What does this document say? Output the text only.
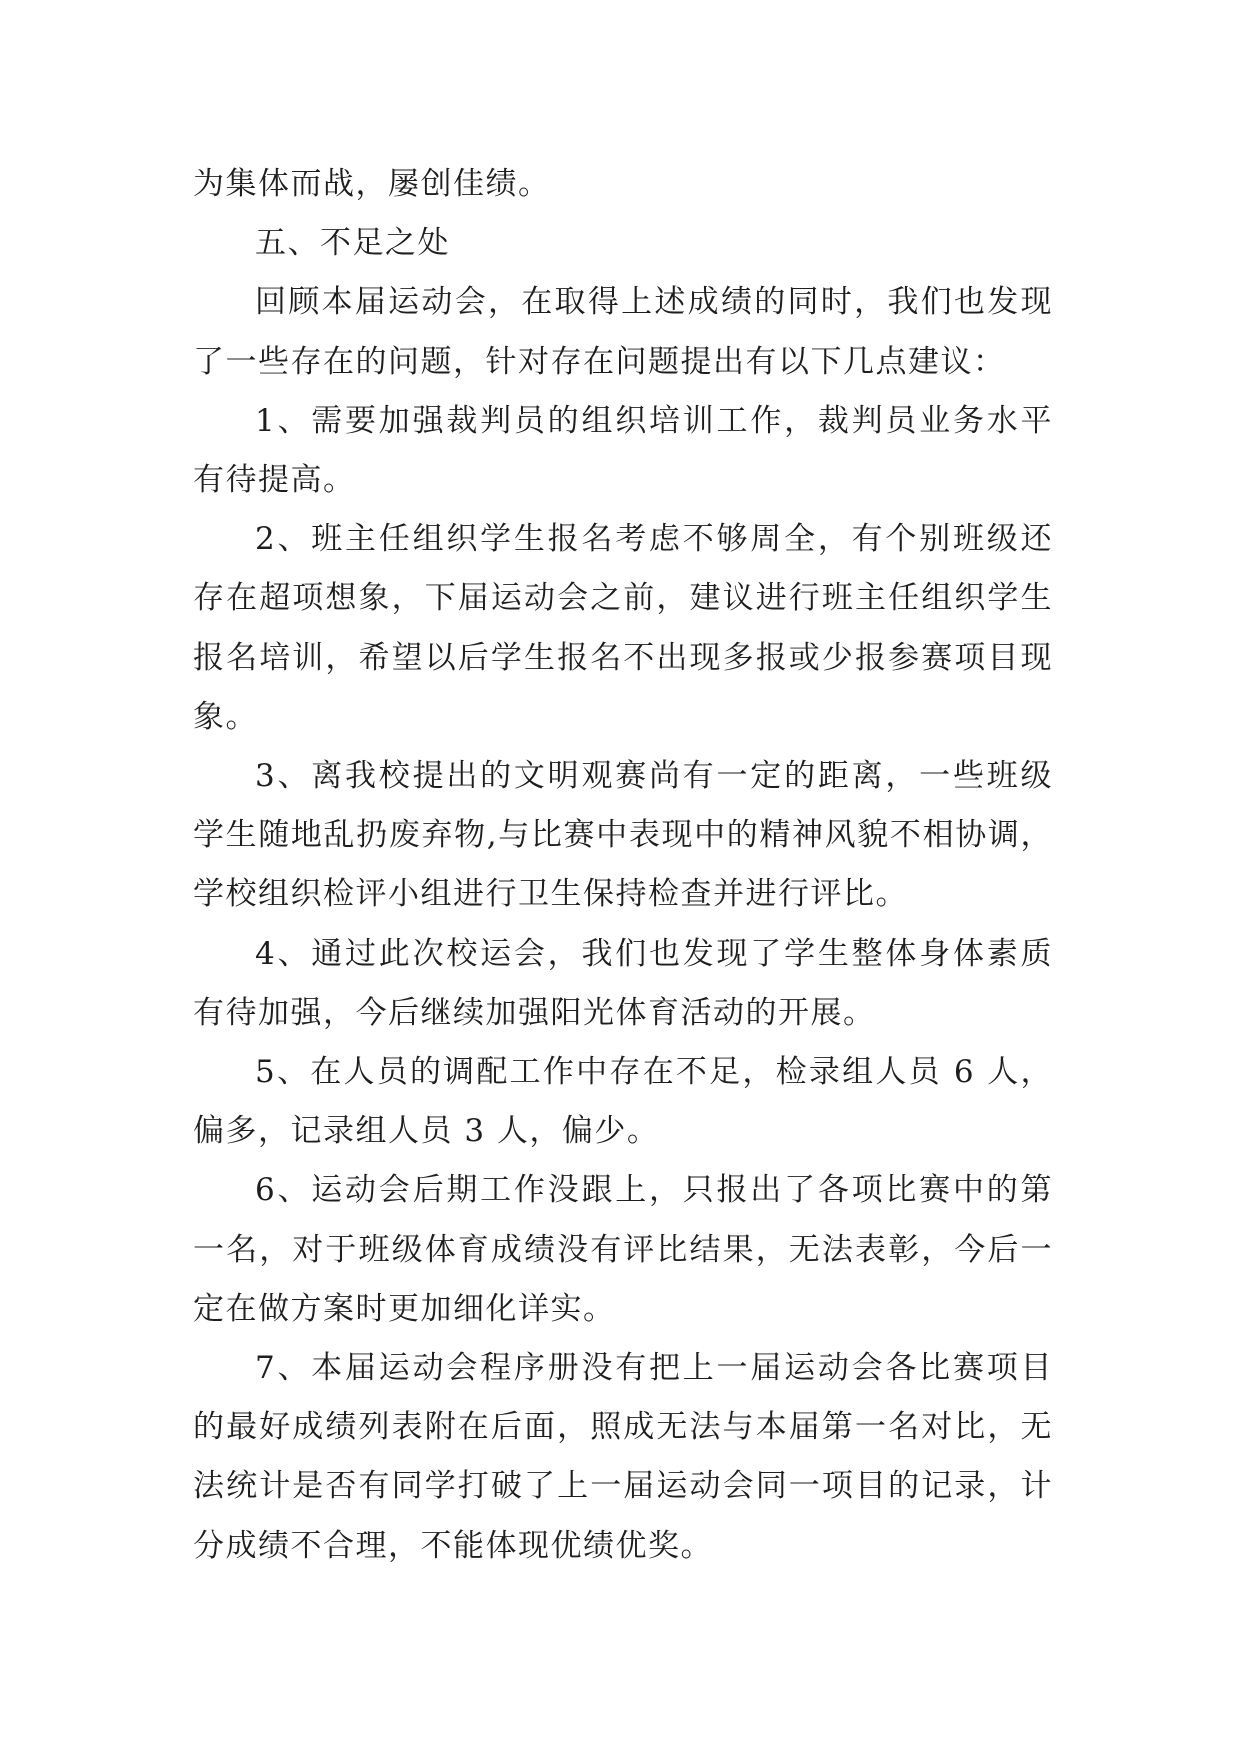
为集体而战，屡创佳绩。

五、不足之处

回顾本届运动会，在取得上述成绩的同时，我们也发现了一些存在的问题，针对存在问题提出有以下几点建议：

1、需要加强裁判员的组织培训工作，裁判员业务水平有待提高。

2、班主任组织学生报名考虑不够周全，有个别班级还存在超项想象，下届运动会之前，建议进行班主任组织学生报名培训，希望以后学生报名不出现多报或少报参赛项目现象。

3、离我校提出的文明观赛尚有一定的距离，一些班级学生随地乱扔废弃物,与比赛中表现中的精神风貌不相协调，学校组织检评小组进行卫生保持检查并进行评比。

4、通过此次校运会，我们也发现了学生整体身体素质有待加强，今后继续加强阳光体育活动的开展。

5、在人员的调配工作中存在不足，检录组人员 6 人，偏多，记录组人员 3 人，偏少。

6、运动会后期工作没跟上，只报出了各项比赛中的第一名，对于班级体育成绩没有评比结果，无法表彰，今后一定在做方案时更加细化详实。

7、本届运动会程序册没有把上一届运动会各比赛项目的最好成绩列表附在后面，照成无法与本届第一名对比，无法统计是否有同学打破了上一届运动会同一项目的记录，计分成绩不合理，不能体现优绩优奖。
